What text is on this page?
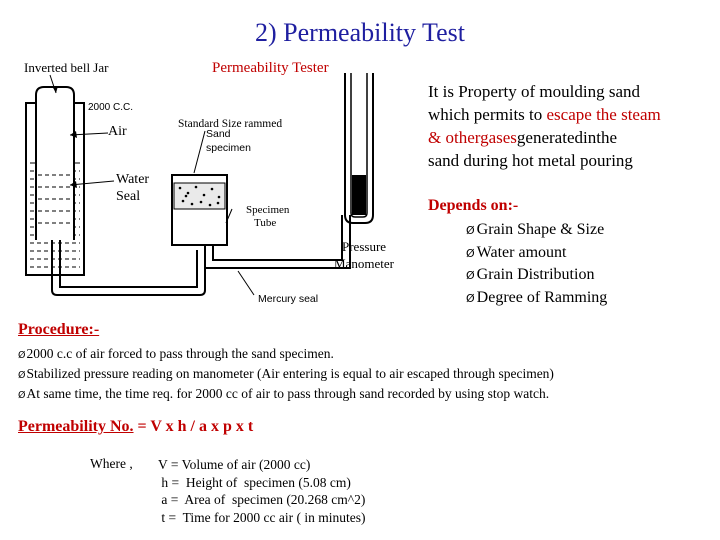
2) Permeability Test
2000 C.C.
Sand
specimen
Mercury seal
Inverted bell Jar	Permeability Tester
Air	Standard Size rammed
Water
Seal
Specimen
Tube
Pressure
Manometer
It is Property of moulding sand
which permits to escape the steam
& othergasesgeneratedinthe
sand during hot metal pouring
Depends on:-
Ø Grain Shape & Size
Ø Water amount
Ø Grain Distribution
Ø Degree of Ramming
Procedure:-
Ø2000 c.c of air forced to pass through the sand specimen.
ØStabilized pressure reading on manometer (Air entering is equal to air escaped through specimen)
ØAt same time, the time req. for 2000 cc of air to pass through sand recorded by using stop watch.
Permeability No. = V x h / a x p x t
Where , V = Volume of air (2000 cc)
h =  Height of  specimen (5.08 cm)
a =  Area of  specimen (20.268 cm^2)
t =  Time for 2000 cc air ( in minutes)
